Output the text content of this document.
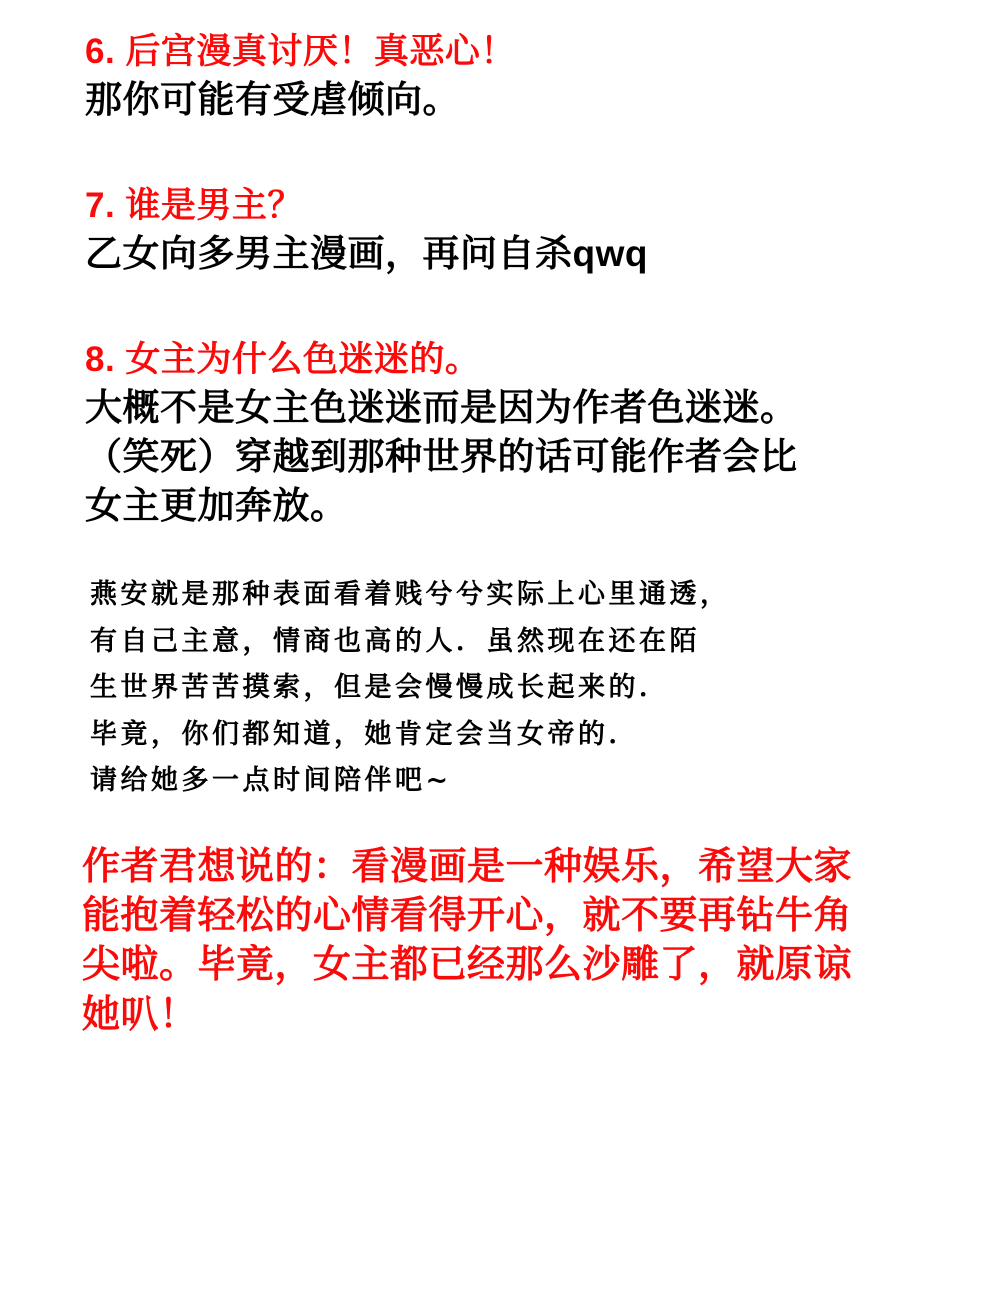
6. 后宫漫真讨厌！真恶心！
那你可能有受虐倾向。
7. 谁是男主？
乙女向多男主漫画，再问自杀qwq
8. 女主为什么色迷迷的。
大概不是女主色迷迷而是因为作者色迷迷。
（笑死）穿越到那种世界的话可能作者会比
女主更加奔放。
燕安就是那种表面看着贱兮兮实际上心里通透，
有自己主意，情商也高的人．虽然现在还在陌
生世界苦苦摸索，但是会慢慢成长起来的．
毕竟，你们都知道，她肯定会当女帝的．
请给她多一点时间陪伴吧~
作者君想说的：看漫画是一种娱乐，希望大家
能抱着轻松的心情看得开心，就不要再钻牛角
尖啦。毕竟，女主都已经那么沙雕了，就原谅
她叭！
